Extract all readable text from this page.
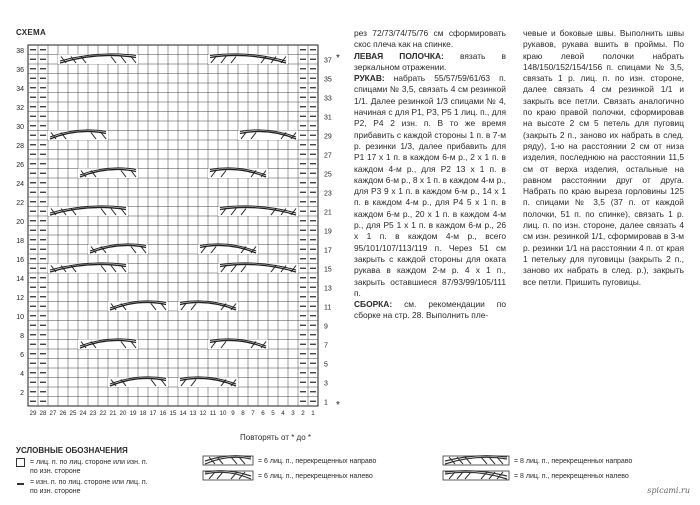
СХЕМА
2
4
6
8
10
12
14
16
18
20
22
24
26
28
30
32
34
36
38
1
3
5
7
9
11
13
15
17
19
21
23
25
27
29
31
33
35
37
29 28 27 26 25 24 23 22 21 20 19 18 17 16 15 14 13 12 11 10 9 8 7 6 5 4 3 2 1
*
*
Повторять от * до *
УСЛОВНЫЕ ОБОЗНАЧЕНИЯ
= лиц. п. по лиц. стороне или изн. п.
по изн. стороне
= изн. п. по лиц. стороне или лиц. п.
по изн. стороне
= 6 лиц. п., перекрещенных направо
= 6 лиц. п., перекрещенных налево
= 8 лиц. п., перекрещенных направо
= 8 лиц. п., перекрещенных налево

рез 72/73/74/75/76 см сформировать скос плеча как на спинке.

ЛЕВАЯ ПОЛОЧКА: вязать в зеркальном отражении.

РУКАВ: набрать 55/57/59/61/63 п. спицами № 3,5, связать 4 см резинкой 1/1. Далее резинкой 1/3 спицами № 4, начиная с для P1, P3, P5 1 лиц. п., для P2, P4 2 изн. п. В то же время прибавить с каждой стороны 1 п. в 7-м р. резинки 1/3, далее прибавить для P1 17 x 1 п. в каждом 6-м р., 2 x 1 п. в каждом 4-м р., для P2 13 x 1 п. в каждом 6-м р., 8 x 1 п. в каждом 4-м р., для P3 9 x 1 п. в каждом 6-м р., 14 x 1 п. в каждом 4-м р., для P4 5 x 1 п. в каждом 6-м р., 20 x 1 п. в каждом 4-м р., для P5 1 x 1 п. в каждом 6-м р., 26 x 1 п. в каждом 4-м р., всего 95/101/107/113/119 п. Через 51 см закрыть с каждой стороны для оката рукава в каждом 2-м р. 4 x 1 п., закрыть оставшиеся 87/93/99/105/111 п.

СБОРКА: см. рекомендации по сборке на стр. 28. Выполнить пле-

чевые и боковые швы. Выполнить швы рукавов, рукава вшить в проймы. По краю левой полочки набрать 148/150/152/154/156 п. спицами № 3,5, связать 1 р. лиц. п. по изн. стороне, далее связать 4 см резинкой 1/1 и закрыть все петли. Связать аналогично по краю правой полочки, сформировав на высоте 2 см 5 петель для пуговиц (закрыть 2 п., заново их набрать в след. ряду), 1-ю на расстоянии 2 см от низа изделия, последнюю на расстоянии 11,5 см от верха изделия, остальные на равном расстоянии друг от друга. Набрать по краю выреза горловины 125 п. спицами № 3,5 (37 п. от каждой полочки, 51 п. по спинке), связать 1 р. лиц. п. по изн. стороне, далее связать 4 см изн. резинкой 1/1, сформировав в 3-м р. резинки 1/1 на расстоянии 4 п. от края 1 петельку для пуговицы (закрыть 2 п., заново их набрать в след. р.), закрыть все петли. Пришить пуговицы.

spicami.ru
